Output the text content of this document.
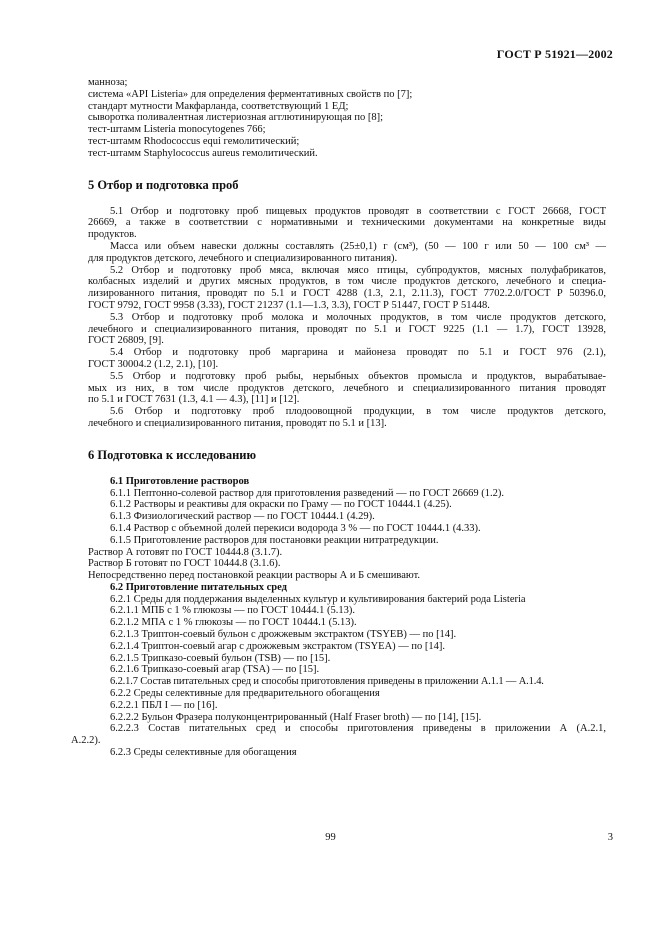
ГОСТ Р 51921—2002
маннозa;
система «API Listeria» для определения ферментативных свойств по [7];
стандарт мутности Макфарланда, соответствующий 1 ЕД;
сыворотка поливалентная листериозная агглютинирующая по [8];
тест-штамм Listeria monocytogenes 766;
тест-штамм Rhodococcus equi гемолитический;
тест-штамм Staphylococcus aureus гемолитический.
5 Отбор и подготовка проб
5.1 Отбор и подготовку проб пищевых продуктов проводят в соответствии с ГОСТ 26668, ГОСТ
26669, а также в соответствии с нормативными и техническими документами на конкретные виды
продуктов.
Масса или объем навески должны составлять (25±0,1) г (см³), (50 — 100 г или 50 — 100 см³ —
для продуктов детского, лечебного и специализированного питания).
5.2 Отбор и подготовку проб мяса, включая мясо птицы, субпродуктов, мясных полуфабрикатов,
колбасных изделий и других мясных продуктов, в том числе продуктов детского, лечебного и специа-
лизированного питания, проводят по 5.1 и ГОСТ 4288 (1.3, 2.1, 2.11.3), ГОСТ 7702.2.0/ГОСТ Р 50396.0,
ГОСТ 9792, ГОСТ 9958 (3.33), ГОСТ 21237 (1.1—1.3, 3.3), ГОСТ Р 51447, ГОСТ Р 51448.
5.3 Отбор и подготовку проб молока и молочных продуктов, в том числе продуктов детского,
лечебного и специализированного питания, проводят по 5.1 и ГОСТ 9225 (1.1 — 1.7), ГОСТ 13928,
ГОСТ 26809, [9].
5.4 Отбор и подготовку проб маргарина и майонеза проводят по 5.1 и ГОСТ 976 (2.1),
ГОСТ 30004.2 (1.2, 2.1), [10].
5.5 Отбор и подготовку проб рыбы, нерыбных объектов промысла и продуктов, вырабатывае-
мых из них, в том числе продуктов детского, лечебного и специализированного питания проводят
по 5.1 и ГОСТ 7631 (1.3, 4.1 — 4.3), [11] и [12].
5.6 Отбор и подготовку проб плодоовощной продукции, в том числе продуктов детского,
лечебного и специализированного питания, проводят по 5.1 и [13].
6 Подготовка к исследованию
6.1 Приготовление растворов
6.1.1 Пептонно-солевой раствор для приготовления разведений — по ГОСТ 26669 (1.2).
6.1.2 Растворы и реактивы для окраски по Граму — по ГОСТ 10444.1 (4.25).
6.1.3 Физиологический раствор — по ГОСТ 10444.1 (4.29).
6.1.4 Раствор с объемной долей перекиси водорода 3 % — по ГОСТ 10444.1 (4.33).
6.1.5 Приготовление растворов для постановки реакции нитратредукции.
Раствор А готовят по ГОСТ 10444.8 (3.1.7).
Раствор Б готовят по ГОСТ 10444.8 (3.1.6).
Непосредственно перед постановкой реакции растворы А и Б смешивают.
6.2 Приготовление питательных сред
6.2.1 Среды для поддержания выделенных культур и культивирования бактерий рода Listeria
6.2.1.1 МПБ с 1 % глюкозы — по ГОСТ 10444.1 (5.13).
6.2.1.2 МПА с 1 % глюкозы — по ГОСТ 10444.1 (5.13).
6.2.1.3 Триптон-соевый бульон с дрожжевым экстрактом (TSYEB) — по [14].
6.2.1.4 Триптон-соевый агар с дрожжевым экстрактом (TSYEA) — по [14].
6.2.1.5 Трипказо-соевый бульон (TSB) — по [15].
6.2.1.6 Трипказо-соевый агар (TSA) — по [15].
6.2.1.7 Состав питательных сред и способы приготовления приведены в приложении А.1.1 — А.1.4.
6.2.2 Среды селективные для предварительного обогащения
6.2.2.1 ПБЛ I — по [16].
6.2.2.2 Бульон Фразера полуконцентрированный (Half Fraser broth) — по [14], [15].
6.2.2.3 Состав питательных сред и способы приготовления приведены в приложении А (А.2.1,
А.2.2).
6.2.3 Среды селективные для обогащения
99	3
